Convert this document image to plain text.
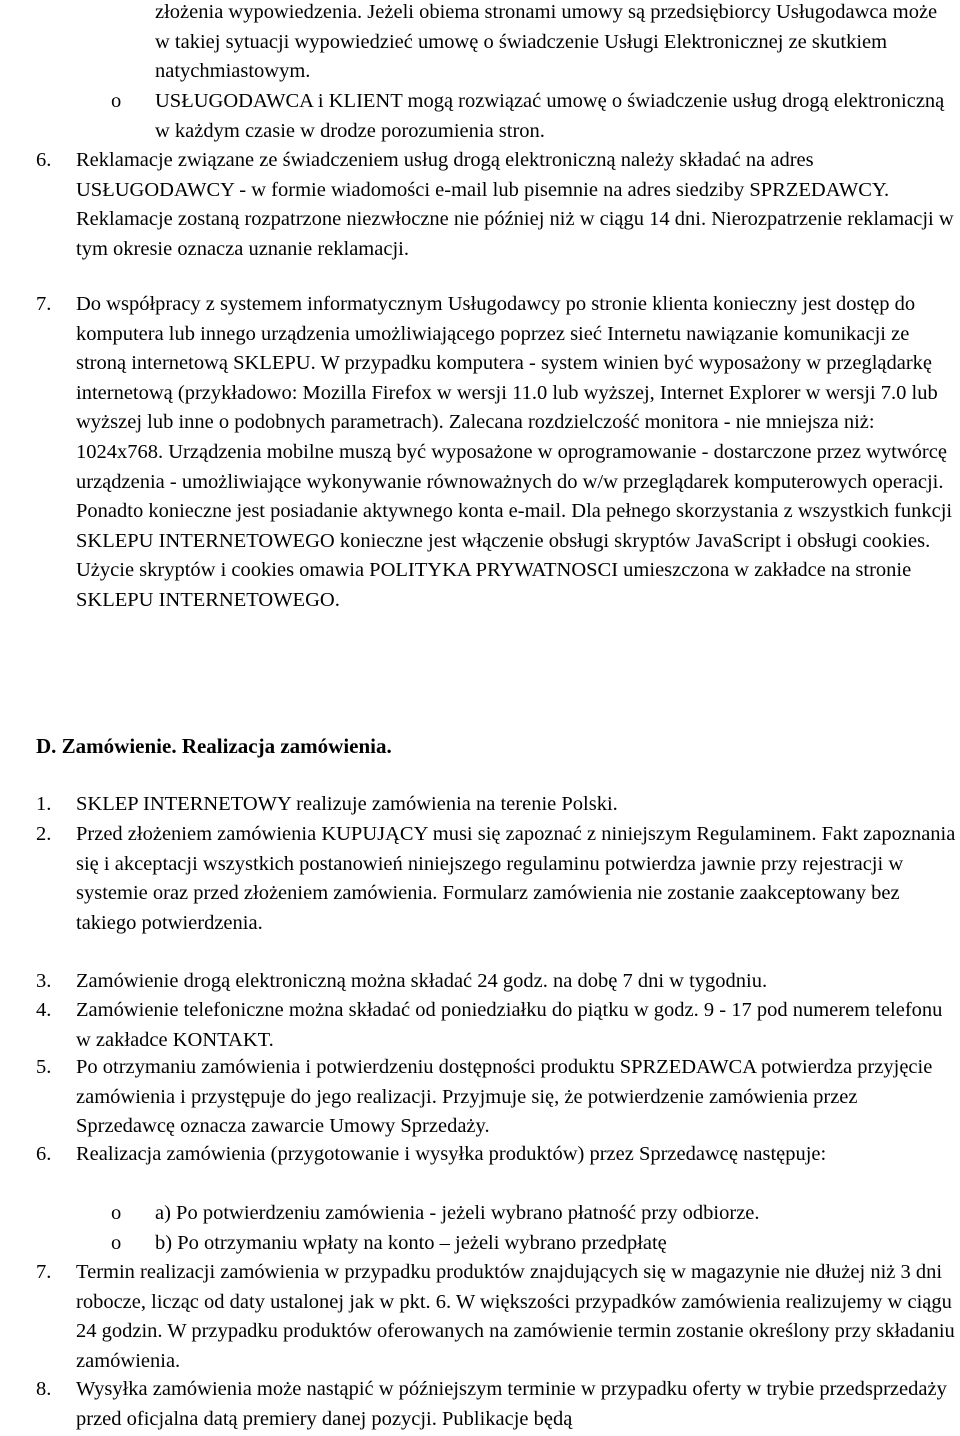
złożenia wypowiedzenia. Jeżeli obiema stronami umowy są przedsiębiorcy Usługodawca może w takiej sytuacji wypowiedzieć umowę o świadczenie Usługi Elektronicznej ze skutkiem natychmiastowym.

o USŁUGODAWCA i KLIENT mogą rozwiązać umowę o świadczenie usług drogą elektroniczną w każdym czasie w drodze porozumienia stron.

6. Reklamacje związane ze świadczeniem usług drogą elektroniczną należy składać na adres USŁUGODAWCY - w formie wiadomości e-mail lub pisemnie na adres siedziby SPRZEDAWCY. Reklamacje zostaną rozpatrzone niezwłoczne nie później niż w ciągu 14 dni. Nierozpatrzenie reklamacji w tym okresie oznacza uznanie reklamacji.

7. Do współpracy z systemem informatycznym Usługodawcy po stronie klienta konieczny jest dostęp do komputera lub innego urządzenia umożliwiającego poprzez sieć Internetu nawiązanie komunikacji ze stroną internetową SKLEPU. W przypadku komputera - system winien być wyposażony w przeglądarkę internetową (przykładowo: Mozilla Firefox w wersji 11.0 lub wyższej, Internet Explorer w wersji 7.0 lub wyższej lub inne o podobnych parametrach). Zalecana rozdzielczość monitora - nie mniejsza niż: 1024x768. Urządzenia mobilne muszą być wyposażone w oprogramowanie - dostarczone przez wytwórcę urządzenia - umożliwiające wykonywanie równoważnych do w/w przeglądarek komputerowych operacji. Ponadto konieczne jest posiadanie aktywnego konta e-mail. Dla pełnego skorzystania z wszystkich funkcji SKLEPU INTERNETOWEGO konieczne jest włączenie obsługi skryptów JavaScript i obsługi cookies. Użycie skryptów i cookies omawia POLITYKA PRYWATNOSCI umieszczona w zakładce na stronie SKLEPU INTERNETOWEGO.

D. Zamówienie. Realizacja zamówienia.
1. SKLEP INTERNETOWY realizuje zamówienia na terenie Polski.

2. Przed złożeniem zamówienia KUPUJĄCY musi się zapoznać z niniejszym Regulaminem. Fakt zapoznania się i akceptacji wszystkich postanowień niniejszego regulaminu potwierdza jawnie przy rejestracji w systemie oraz przed złożeniem zamówienia. Formularz zamówienia nie zostanie zaakceptowany bez takiego potwierdzenia.

3. Zamówienie drogą elektroniczną można składać 24 godz. na dobę 7 dni w tygodniu.

4. Zamówienie telefoniczne można składać od poniedziałku do piątku w godz. 9 - 17 pod numerem telefonu w zakładce KONTAKT.

5. Po otrzymaniu zamówienia i potwierdzeniu dostępności produktu SPRZEDAWCA potwierdza przyjęcie zamówienia i przystępuje do jego realizacji. Przyjmuje się, że potwierdzenie zamówienia przez Sprzedawcę oznacza zawarcie Umowy Sprzedaży.

6. Realizacja zamówienia (przygotowanie i wysyłka produktów) przez Sprzedawcę następuje:

o a) Po potwierdzeniu zamówienia - jeżeli wybrano płatność przy odbiorze.

o b) Po otrzymaniu wpłaty na konto – jeżeli wybrano przedpłatę

7. Termin realizacji zamówienia w przypadku produktów znajdujących się w magazynie nie dłużej niż 3 dni robocze, licząc od daty ustalonej jak w pkt. 6. W większości przypadków zamówienia realizujemy w ciągu 24 godzin. W przypadku produktów oferowanych na zamówienie termin zostanie określony przy składaniu zamówienia.

8. Wysyłka zamówienia może nastąpić w późniejszym terminie w przypadku oferty w trybie przedsprzedaży przed oficjalna datą premiery danej pozycji. Publikacje będą
